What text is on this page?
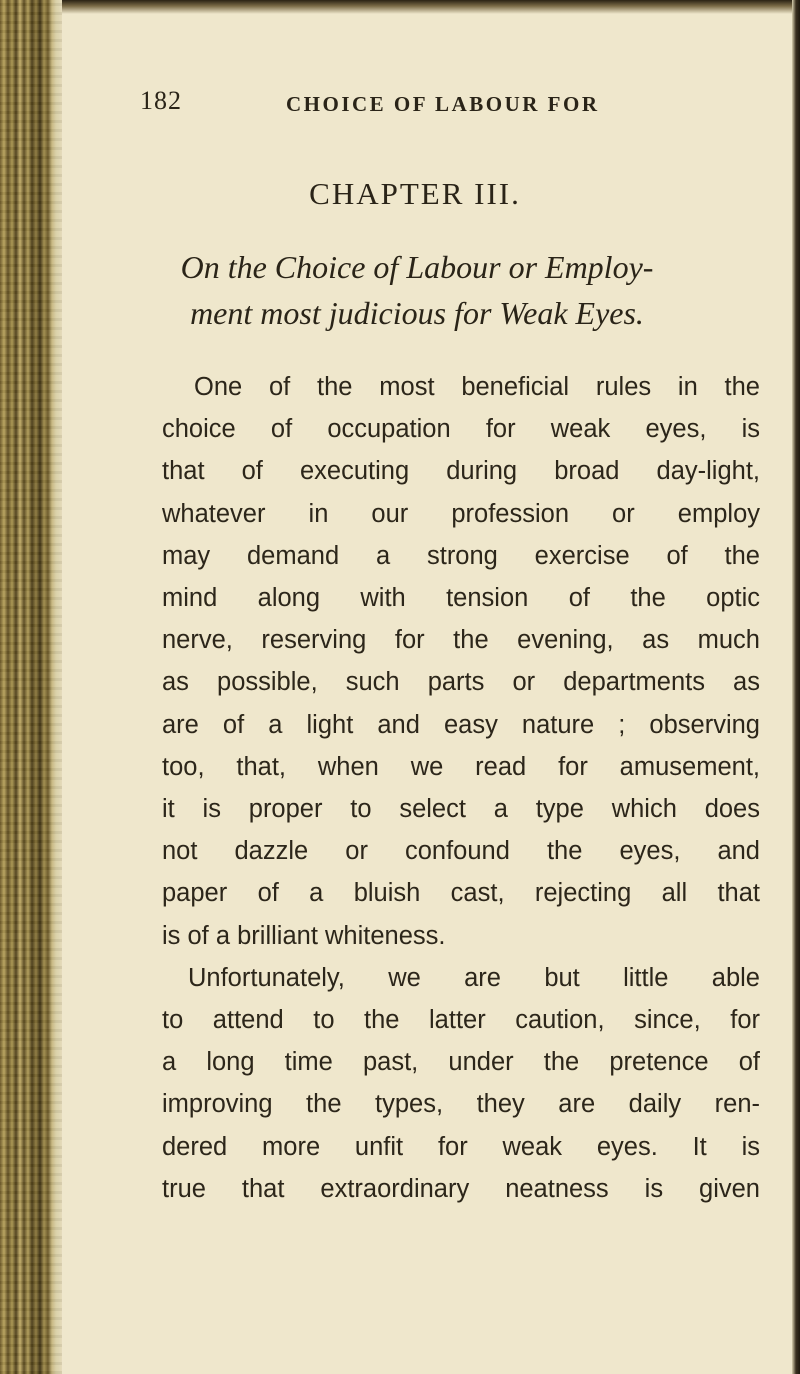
182	CHOICE OF LABOUR FOR
CHAPTER III.
On the Choice of Labour or Employ-
ment most judicious for Weak Eyes.
One of the most beneficial rules in the
choice of occupation for weak eyes, is
that of executing during broad day-light,
whatever in our profession or employ
may demand a strong exercise of the
mind along with tension of the optic
nerve, reserving for the evening, as much
as possible, such parts or departments as
are of a light and easy nature ; observing
too, that, when we read for amusement,
it is proper to select a type which does
not dazzle or confound the eyes, and
paper of a bluish cast, rejecting all that
is of a brilliant whiteness.
Unfortunately, we are but little able
to attend to the latter caution, since, for
a long time past, under the pretence of
improving the types, they are daily ren-
dered more unfit for weak eyes. It is
true that extraordinary neatness is given
